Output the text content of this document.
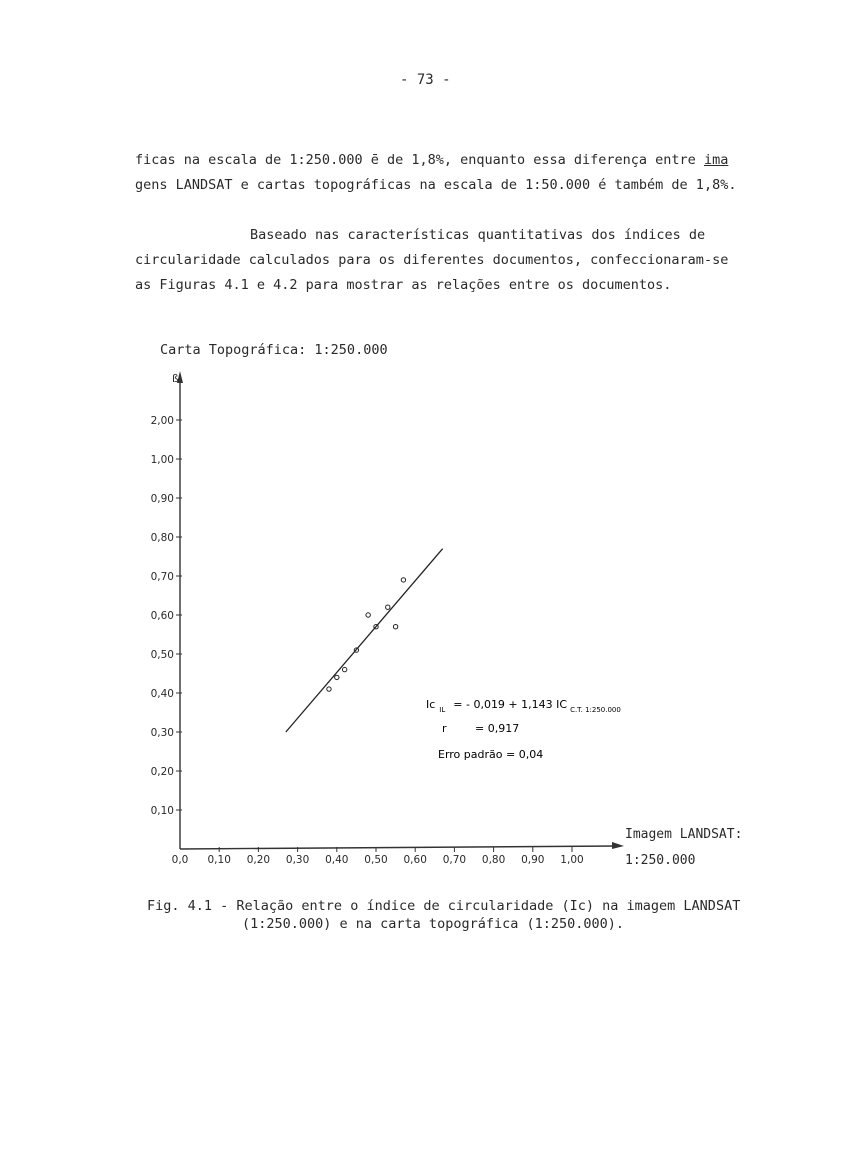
- 73 -
ficas na escala de 1:250.000 ē de 1,8%, enquanto essa diferença entre ima
gens LANDSAT e cartas topográficas na escala de 1:50.000 é também de 1,8%.
Baseado nas características quantitativas dos índices de
circularidade calculados para os diferentes documentos, confeccionaram-se
as Figuras 4.1 e 4.2 para mostrar as relações entre os documentos.
Carta Topográfica: 1:250.000
0,10
0,20
0,30
0,40
0,50
0,60
0,70
0,80
0,90
1,00
2,00
0,0 0,10 0,20 0,30 0,40 0,50 0,60 0,70 0,80 0,90 1,00
ß
Imagem LANDSAT:
1:250.000
Ic $_{IL}$ = - 0,019 + 1,143 IC $_{C.T. 1:250.000}$
r	= 0,917
Erro padrão = 0,04
Fig. 4.1 - Relação entre o índice de circularidade (Ic) na imagem LANDSAT
(1:250.000) e na carta topográfica (1:250.000).
